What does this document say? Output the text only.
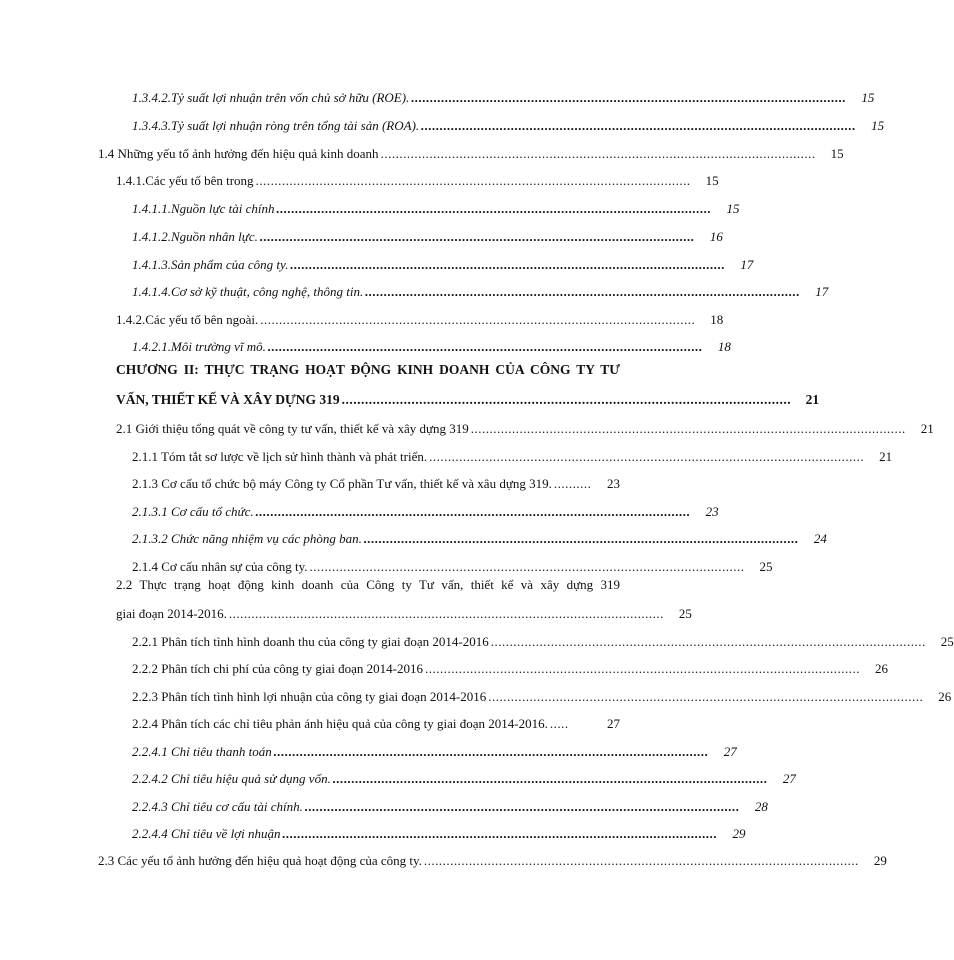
1.3.4.2.Tỷ suất lợi nhuận trên vốn chủ sở hữu (ROE). ....................................................................................................................	15
1.3.4.3.Tỷ suất lợi nhuận ròng trên tổng tài sản (ROA). ....................................................................................................................	15
1.4 Những yếu tố ảnh hưởng đến hiệu quả kinh doanh ....................................................................................................................	15
1.4.1.Các yếu tố bên trong ....................................................................................................................	15
1.4.1.1.Nguồn lực tài chính ....................................................................................................................	15
1.4.1.2.Nguồn nhân lực. ....................................................................................................................	16
1.4.1.3.Sản phẩm của công ty. ....................................................................................................................	17
1.4.1.4.Cơ sở kỹ thuật, công nghệ, thông tin. ....................................................................................................................	17
1.4.2.Các yếu tố bên ngoài. ....................................................................................................................	18
1.4.2.1.Môi trường vĩ mô. ....................................................................................................................	18
CHƯƠNG II: THỰC TRẠNG HOẠT ĐỘNG KINH DOANH CỦA CÔNG TY TƯ
VẤN, THIẾT KẾ VÀ XÂY DỰNG 319 ....................................................................................................................	21
2.1 Giới thiệu tổng quát về công ty tư vấn, thiết kế và xây dựng 319 ....................................................................................................................	21
2.1.1 Tóm tắt sơ lược về lịch sử hình thành và phát triển. ....................................................................................................................	21
2.1.3 Cơ cấu tổ chức bộ máy Công ty Cổ phần Tư vấn, thiết kế và xâu dựng 319. ..........	23
2.1.3.1 Cơ cấu tổ chức. ....................................................................................................................	23
2.1.3.2 Chức năng nhiệm vụ các phòng ban. ....................................................................................................................	24
2.1.4 Cơ cấu nhân sự của công ty. ....................................................................................................................	25
2.2 Thực trạng hoạt động kinh doanh của Công ty Tư vấn, thiết kế và xây dựng 319
giai đoạn 2014-2016. ....................................................................................................................	25
2.2.1 Phân tích tình hình doanh thu của công ty giai đoạn 2014-2016 ....................................................................................................................	25
2.2.2 Phân tích chi phí của công ty giai đoạn 2014-2016 ....................................................................................................................	26
2.2.3 Phân tích tình hình lợi nhuận của công ty giai đoạn 2014-2016 ....................................................................................................................	26
2.2.4 Phân tích các chỉ tiêu phản ánh hiệu quả của công ty giai đoạn 2014-2016. .....	27
2.2.4.1 Chỉ tiêu thanh toán ....................................................................................................................	27
2.2.4.2 Chỉ tiêu hiệu quả sử dụng vốn. ....................................................................................................................	27
2.2.4.3 Chỉ tiêu cơ cấu tài chính. ....................................................................................................................	28
2.2.4.4 Chỉ tiêu về lợi nhuận ....................................................................................................................	29
2.3 Các yếu tố ảnh hưởng đến hiệu quả hoạt động của công ty. ....................................................................................................................	29
